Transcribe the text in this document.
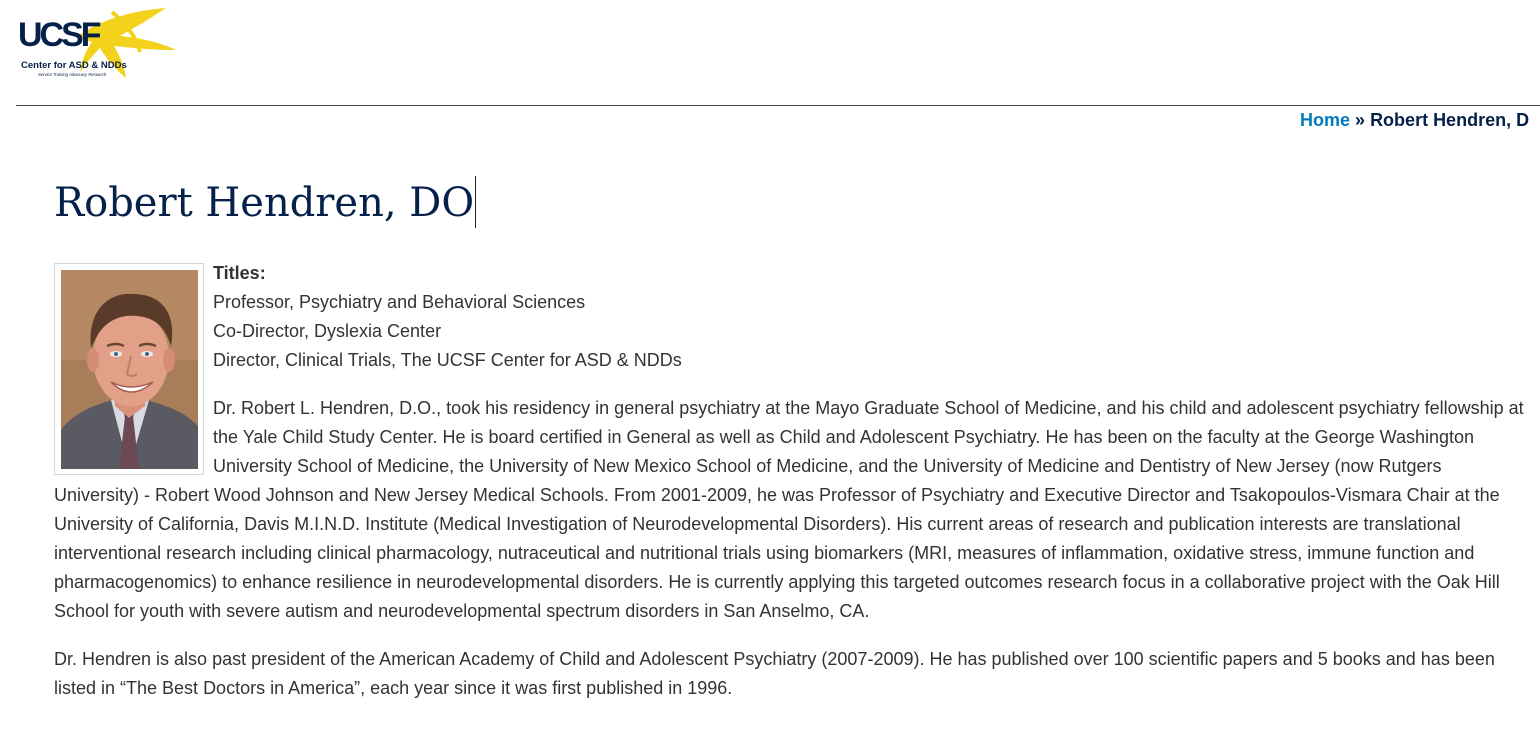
UCSF
Center for ASD & NDDs
Service Training Advocacy Research
Home » Robert Hendren, D
Robert Hendren, DO

Titles:

Professor, Psychiatry and Behavioral Sciences

Co-Director, Dyslexia Center

Director, Clinical Trials, The UCSF Center for ASD & NDDs

Dr. Robert L. Hendren, D.O., took his residency in general psychiatry at the Mayo Graduate School of Medicine, and his child and adolescent psychiatry fellowship at the Yale Child Study Center. He is board certified in General as well as Child and Adolescent Psychiatry. He has been on the faculty at the George Washington University School of Medicine, the University of New Mexico School of Medicine, and the University of Medicine and Dentistry of New Jersey (now Rutgers University) - Robert Wood Johnson and New Jersey Medical Schools. From 2001-2009, he was Professor of Psychiatry and Executive Director and Tsakopoulos-Vismara Chair at the University of California, Davis M.I.N.D. Institute (Medical Investigation of Neurodevelopmental Disorders). His current areas of research and publication interests are translational interventional research including clinical pharmacology, nutraceutical and nutritional trials using biomarkers (MRI, measures of inflammation, oxidative stress, immune function and pharmacogenomics) to enhance resilience in neurodevelopmental disorders. He is currently applying this targeted outcomes research focus in a collaborative project with the Oak Hill School for youth with severe autism and neurodevelopmental spectrum disorders in San Anselmo, CA.

Dr. Hendren is also past president of the American Academy of Child and Adolescent Psychiatry (2007-2009). He has published over 100 scientific papers and 5 books and has been listed in “The Best Doctors in America”, each year since it was first published in 1996.
